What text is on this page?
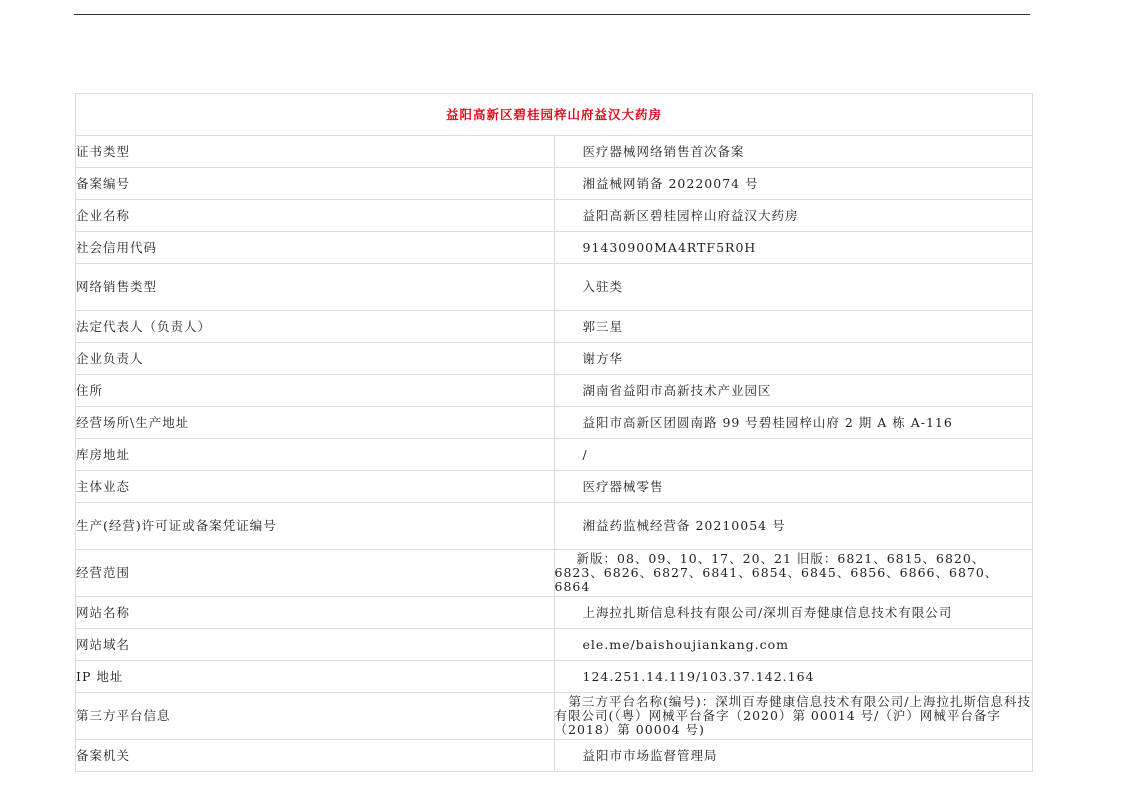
益阳高新区碧桂园梓山府益汉大药房	
证书类型	医疗器械网络销售首次备案
备案编号	湘益械网销备 20220074 号
企业名称	益阳高新区碧桂园梓山府益汉大药房
社会信用代码	91430900MA4RTF5R0H
网络销售类型	入驻类
法定代表人（负责人）	郭三星
企业负责人	谢方华
住所	湖南省益阳市高新技术产业园区
经营场所\生产地址	益阳市高新区团圆南路 99 号碧桂园梓山府 2 期 A 栋 A-116
库房地址	/
主体业态	医疗器械零售
生产(经营)许可证或备案凭证编号	湘益药监械经营备 20210054 号
经营范围	新版：08、09、10、17、20、21 旧版：6821、6815、6820、6823、6826、6827、6841、6854、6845、6856、6866、6870、6864
网站名称	上海拉扎斯信息科技有限公司/深圳百寿健康信息技术有限公司
网站域名	ele.me/baishoujiankang.com
IP 地址	124.251.14.119/103.37.142.164
第三方平台信息	第三方平台名称(编号)：深圳百寿健康信息技术有限公司/上海拉扎斯信息科技有限公司(（粤）网械平台备字（2020）第 00014 号/（沪）网械平台备字（2018）第 00004 号)
备案机关	益阳市市场监督管理局
